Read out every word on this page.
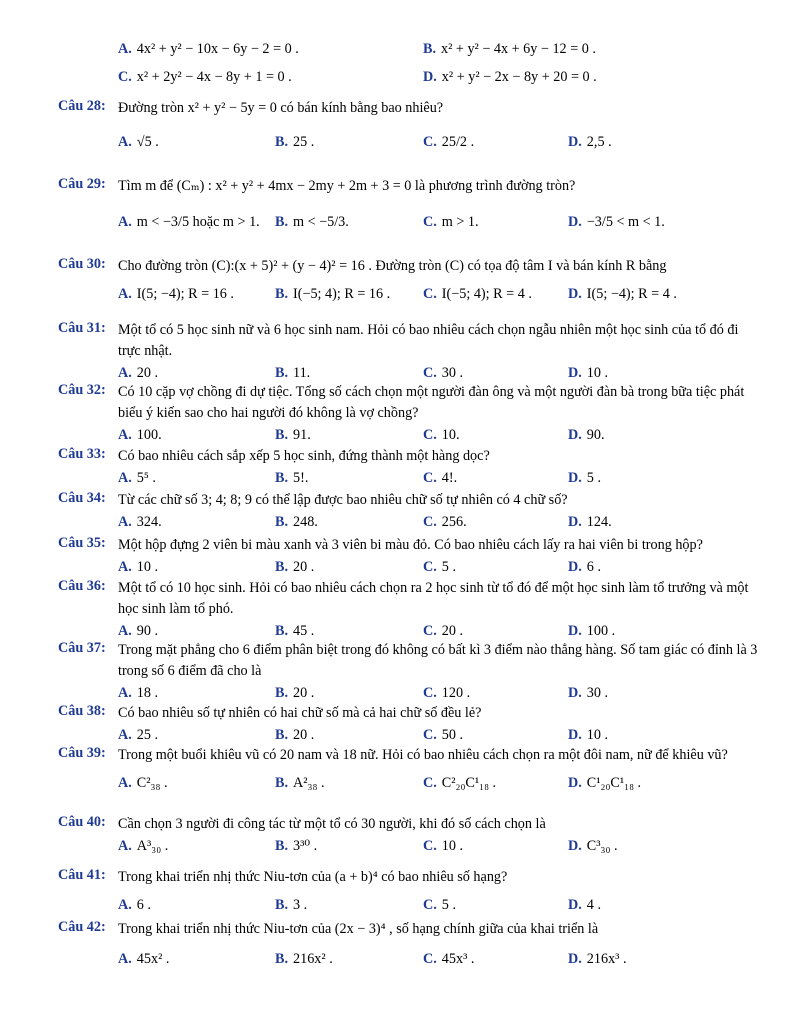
A. 4x² + y² − 10x − 6y − 2 = 0 .	B. x² + y² − 4x + 6y − 12 = 0 .
C. x² + 2y² − 4x − 8y + 1 = 0 .	D. x² + y² − 2x − 8y + 20 = 0 .
Câu 28: Đường tròn x² + y² − 5y = 0 có bán kính bằng bao nhiêu?
A. √5 .	B. 25 .	C. 25/2 .	D. 2,5 .
Câu 29: Tìm m để (Cₘ) : x² + y² + 4mx − 2my + 2m + 3 = 0 là phương trình đường tròn?
A. m < −3/5 hoặc m > 1. B. m < −5/3.	C. m > 1.	D. −3/5 < m < 1.
Câu 30: Cho đường tròn (C):(x + 5)² + (y − 4)² = 16 . Đường tròn (C) có tọa độ tâm I và bán kính R bằng
A. I(5; −4); R = 16 .	B. I(−5; 4); R = 16 . C. I(−5; 4); R = 4 .	D. I(5; −4); R = 4 .
Câu 31: Một tổ có 5 học sinh nữ và 6 học sinh nam. Hỏi có bao nhiêu cách chọn ngẫu nhiên một học sinh của tổ đó đi trực nhật.
A. 20 .	B. 11.	C. 30 .	D. 10 .
Câu 32: Có 10 cặp vợ chồng đi dự tiệc. Tổng số cách chọn một người đàn ông và một người đàn bà trong bữa tiệc phát biểu ý kiến sao cho hai người đó không là vợ chồng?
A. 100.	B. 91.	C. 10.	D. 90.
Câu 33: Có bao nhiêu cách sắp xếp 5 học sinh, đứng thành một hàng dọc?
A. 5⁵ .	B. 5!.	C. 4!.	D. 5 .
Câu 34: Từ các chữ số 3; 4; 8; 9 có thể lập được bao nhiêu chữ số tự nhiên có 4 chữ số?
A. 324.	B. 248.	C. 256.	D. 124.
Câu 35: Một hộp đựng 2 viên bi màu xanh và 3 viên bi màu đỏ. Có bao nhiêu cách lấy ra hai viên bi trong hộp?
A. 10 .	B. 20 .	C. 5 .	D. 6 .
Câu 36: Một tổ có 10 học sinh. Hỏi có bao nhiêu cách chọn ra 2 học sinh từ tổ đó để một học sinh làm tổ trưởng và một học sinh làm tổ phó.
A. 90 .	B. 45 .	C. 20 .	D. 100 .
Câu 37: Trong mặt phẳng cho 6 điểm phân biệt trong đó không có bất kì 3 điểm nào thẳng hàng. Số tam giác có đỉnh là 3 trong số 6 điểm đã cho là
A. 18 .	B. 20 .	C. 120 .	D. 30 .
Câu 38: Có bao nhiêu số tự nhiên có hai chữ số mà cả hai chữ số đều lẻ?
A. 25 .	B. 20 .	C. 50 .	D. 10 .
Câu 39: Trong một buổi khiêu vũ có 20 nam và 18 nữ. Hỏi có bao nhiêu cách chọn ra một đôi nam, nữ để khiêu vũ?
A. C²₃₈ .	B. A²₃₈ .	C. C²₂₀C¹₁₈ .	D. C¹₂₀C¹₁₈ .
Câu 40: Cần chọn 3 người đi công tác từ một tổ có 30 người, khi đó số cách chọn là
A. A³₃₀ .	B. 3³⁰ .	C. 10 .	D. C³₃₀ .
Câu 41: Trong khai triển nhị thức Niu-tơn của (a + b)⁴ có bao nhiêu số hạng?
A. 6 .	B. 3 .	C. 5 .	D. 4 .
Câu 42: Trong khai triển nhị thức Niu-tơn của (2x − 3)⁴ , số hạng chính giữa của khai triển là
A. 45x² .	B. 216x² .	C. 45x³ .	D. 216x³ .
